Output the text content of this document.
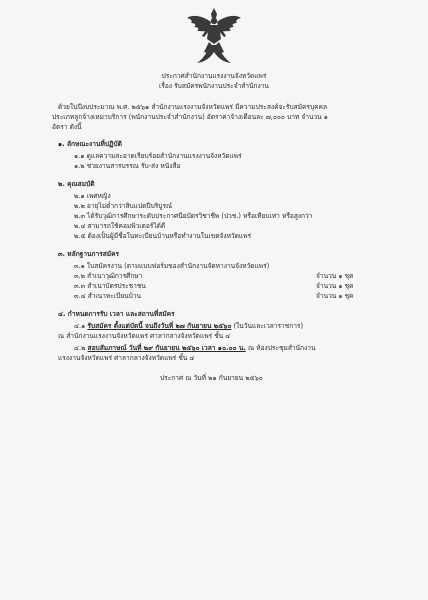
ประกาศสำนักงานแรงงานจังหวัดแพร่
เรื่อง รับสมัครพนักงานประจำสำนักงาน
ด้วยในปีงบประมาณ พ.ศ. ๒๕๖๑ สำนักงานแรงงานจังหวัดแพร่ มีความประสงค์จะรับสมัครบุคคล
ประเภทลูกจ้างเหมาบริการ (พนักงานประจำสำนักงาน) อัตราค่าจ้างเดือนละ ๗,๐๐๐ บาท จำนวน ๑
อัตรา ดังนี้
๑. ลักษณะงานที่ปฏิบัติ
๑.๑ ดูแลความสะอาดเรียบร้อยสำนักงานแรงงานจังหวัดแพร่
๑.๒ ช่วยงานสารบรรณ รับ-ส่ง หนังสือ
๒. คุณสมบัติ
๒.๑ เพศหญิง
๒.๒ อายุไม่ต่ำกว่าสิบแปดปีบริบูรณ์
๒.๓ ได้รับวุฒิการศึกษาระดับประกาศนียบัตรวิชาชีพ (ปวช.) หรือเทียบเท่า หรือสูงกว่า
๒.๔ สามารถใช้คอมพิวเตอร์ได้ดี
๒.๕ ต้องเป็นผู้มีชื่อในทะเบียนบ้านหรือทำงานในเขตจังหวัดแพร่
๓. หลักฐานการสมัคร
๓.๑ ใบสมัครงาน (ตามแบบฟอร์มของสำนักงานจัดหางานจังหวัดแพร่)
๓.๒ สำเนาวุฒิการศึกษา	จำนวน ๑ ชุด
๓.๓ สำเนาบัตรประชาชน	จำนวน ๑ ชุด
๓.๔ สำเนาทะเบียนบ้าน	จำนวน ๑ ชุด
๔. กำหนดการรับ เวลา และสถานที่สมัคร
๔.๑ รับสมัคร ตั้งแต่บัดนี้ จนถึงวันที่ ๒๗ กันยายน ๒๕๖๐ (ในวันและเวลาราชการ)
ณ สำนักงานแรงงานจังหวัดแพร่ ศาลากลางจังหวัดแพร่ ชั้น ๔
๔.๒ สอบสัมภาษณ์ วันที่ ๒๙ กันยายน ๒๕๖๐ เวลา ๑๐.๐๐ น. ณ ห้องประชุมสำนักงาน
แรงงานจังหวัดแพร่ ศาลากลางจังหวัดแพร่ ชั้น ๔
ประกาศ ณ วันที่ ๒๑ กันยายน ๒๕๖๐
